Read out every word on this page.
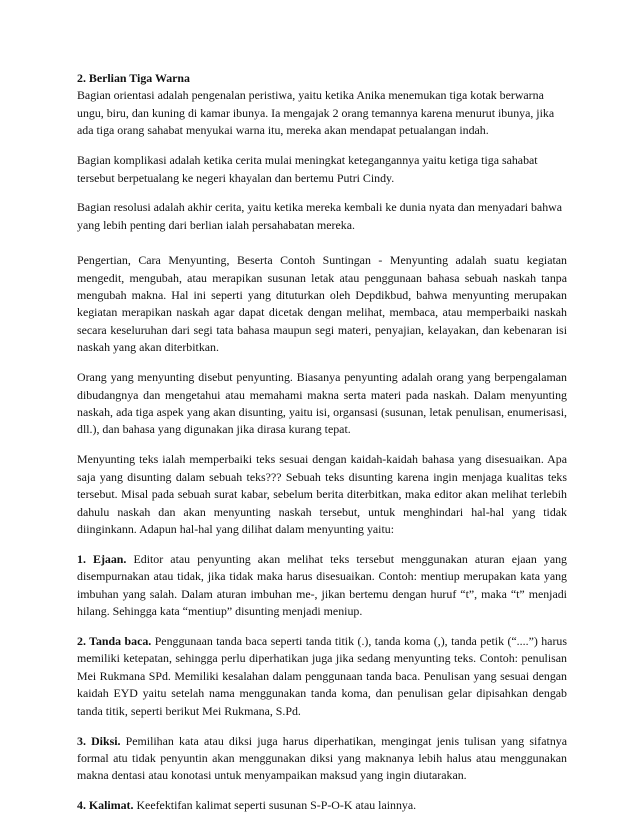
2. Berlian Tiga Warna
Bagian orientasi adalah pengenalan peristiwa, yaitu ketika Anika menemukan tiga kotak berwarna ungu, biru, dan kuning di kamar ibunya. Ia mengajak 2 orang temannya karena menurut ibunya, jika ada tiga orang sahabat menyukai warna itu, mereka akan mendapat petualangan indah.
Bagian komplikasi adalah ketika cerita mulai meningkat ketegangannya yaitu ketiga tiga sahabat tersebut berpetualang ke negeri khayalan dan bertemu Putri Cindy.
Bagian resolusi adalah akhir cerita, yaitu ketika mereka kembali ke dunia nyata dan menyadari bahwa yang lebih penting dari berlian ialah persahabatan mereka.
Pengertian, Cara Menyunting, Beserta Contoh Suntingan - Menyunting adalah suatu kegiatan mengedit, mengubah, atau merapikan susunan letak atau penggunaan bahasa sebuah naskah tanpa mengubah makna. Hal ini seperti yang dituturkan oleh Depdikbud, bahwa menyunting merupakan kegiatan merapikan naskah agar dapat dicetak dengan melihat, membaca, atau memperbaiki naskah secara keseluruhan dari segi tata bahasa maupun segi materi, penyajian, kelayakan, dan kebenaran isi naskah yang akan diterbitkan.
Orang yang menyunting disebut penyunting. Biasanya penyunting adalah orang yang berpengalaman dibudangnya dan mengetahui atau memahami makna serta materi pada naskah. Dalam menyunting naskah, ada tiga aspek yang akan disunting, yaitu isi, organsasi (susunan, letak penulisan, enumerisasi, dll.), dan bahasa yang digunakan jika dirasa kurang tepat.
Menyunting teks ialah memperbaiki teks sesuai dengan kaidah-kaidah bahasa yang disesuaikan. Apa saja yang disunting dalam sebuah teks??? Sebuah teks disunting karena ingin menjaga kualitas teks tersebut. Misal pada sebuah surat kabar, sebelum berita diterbitkan, maka editor akan melihat terlebih dahulu naskah dan akan menyunting naskah tersebut, untuk menghindari hal-hal yang tidak diinginkann. Adapun hal-hal yang dilihat dalam menyunting yaitu:
1. Ejaan. Editor atau penyunting akan melihat teks tersebut menggunakan aturan ejaan yang disempurnakan atau tidak, jika tidak maka harus disesuaikan. Contoh: mentiup merupakan kata yang imbuhan yang salah. Dalam aturan imbuhan me-, jikan bertemu dengan huruf “t”, maka “t” menjadi hilang. Sehingga kata “mentiup” disunting menjadi meniup.
2. Tanda baca. Penggunaan tanda baca seperti tanda titik (.), tanda koma (,), tanda petik (“....”) harus memiliki ketepatan, sehingga perlu diperhatikan juga jika sedang menyunting teks. Contoh: penulisan Mei Rukmana SPd. Memiliki kesalahan dalam penggunaan tanda baca. Penulisan yang sesuai dengan kaidah EYD yaitu setelah nama menggunakan tanda koma, dan penulisan gelar dipisahkan dengab tanda titik, seperti berikut Mei Rukmana, S.Pd.
3. Diksi. Pemilihan kata atau diksi juga harus diperhatikan, mengingat jenis tulisan yang sifatnya formal atu tidak penyuntin akan menggunakan diksi yang maknanya lebih halus atau menggunakan makna dentasi atau konotasi untuk menyampaikan maksud yang ingin diutarakan.
4. Kalimat. Keefektifan kalimat seperti susunan S-P-O-K atau lainnya.
